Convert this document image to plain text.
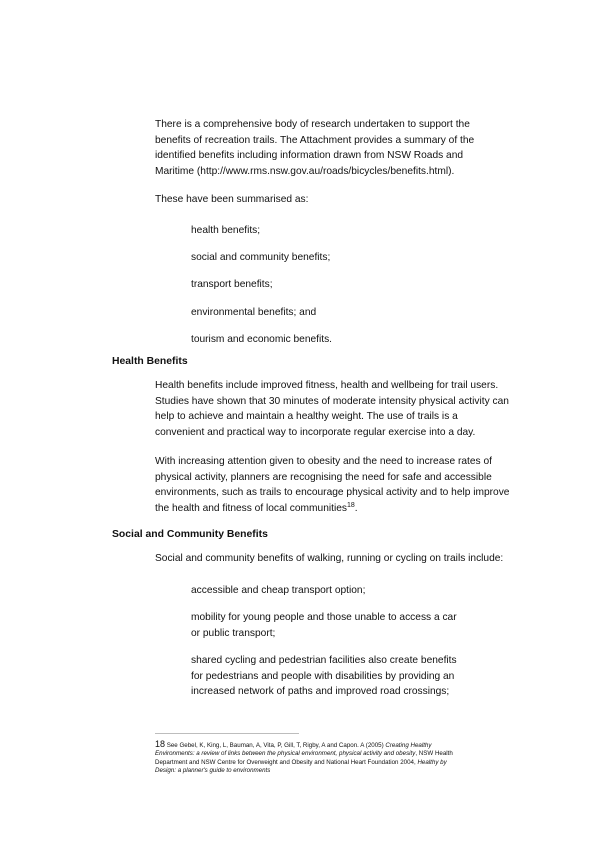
There is a comprehensive body of research undertaken to support the
benefits of recreation trails. The Attachment provides a summary of the
identified benefits including information drawn from NSW Roads and
Maritime (http://www.rms.nsw.gov.au/roads/bicycles/benefits.html).

These have been summarised as:

health benefits;

social and community benefits;

transport benefits;

environmental benefits; and

tourism and economic benefits.

Health Benefits

Health benefits include improved fitness, health and wellbeing for trail users.
Studies have shown that 30 minutes of moderate intensity physical activity can
help to achieve and maintain a healthy weight. The use of trails is a
convenient and practical way to incorporate regular exercise into a day.

With increasing attention given to obesity and the need to increase rates of
physical activity, planners are recognising the need for safe and accessible
environments, such as trails to encourage physical activity and to help improve
the health and fitness of local communities$^{18}$.

Social and Community Benefits

Social and community benefits of walking, running or cycling on trails include:

accessible and cheap transport option;

mobility for young people and those unable to access a car
or public transport;

shared cycling and pedestrian facilities also create benefits
for pedestrians and people with disabilities by providing an
increased network of paths and improved road crossings;

18 See Gebel, K, King, L, Bauman, A, Vita, P, Gill, T, Rigby, A and Capon. A (2005) Creating Healthy
Environments: a review of links between the physical environment, physical activity and obesity, NSW Health
Department and NSW Centre for Overweight and Obesity and National Heart Foundation 2004, Healthy by
Design: a planner's guide to environments
